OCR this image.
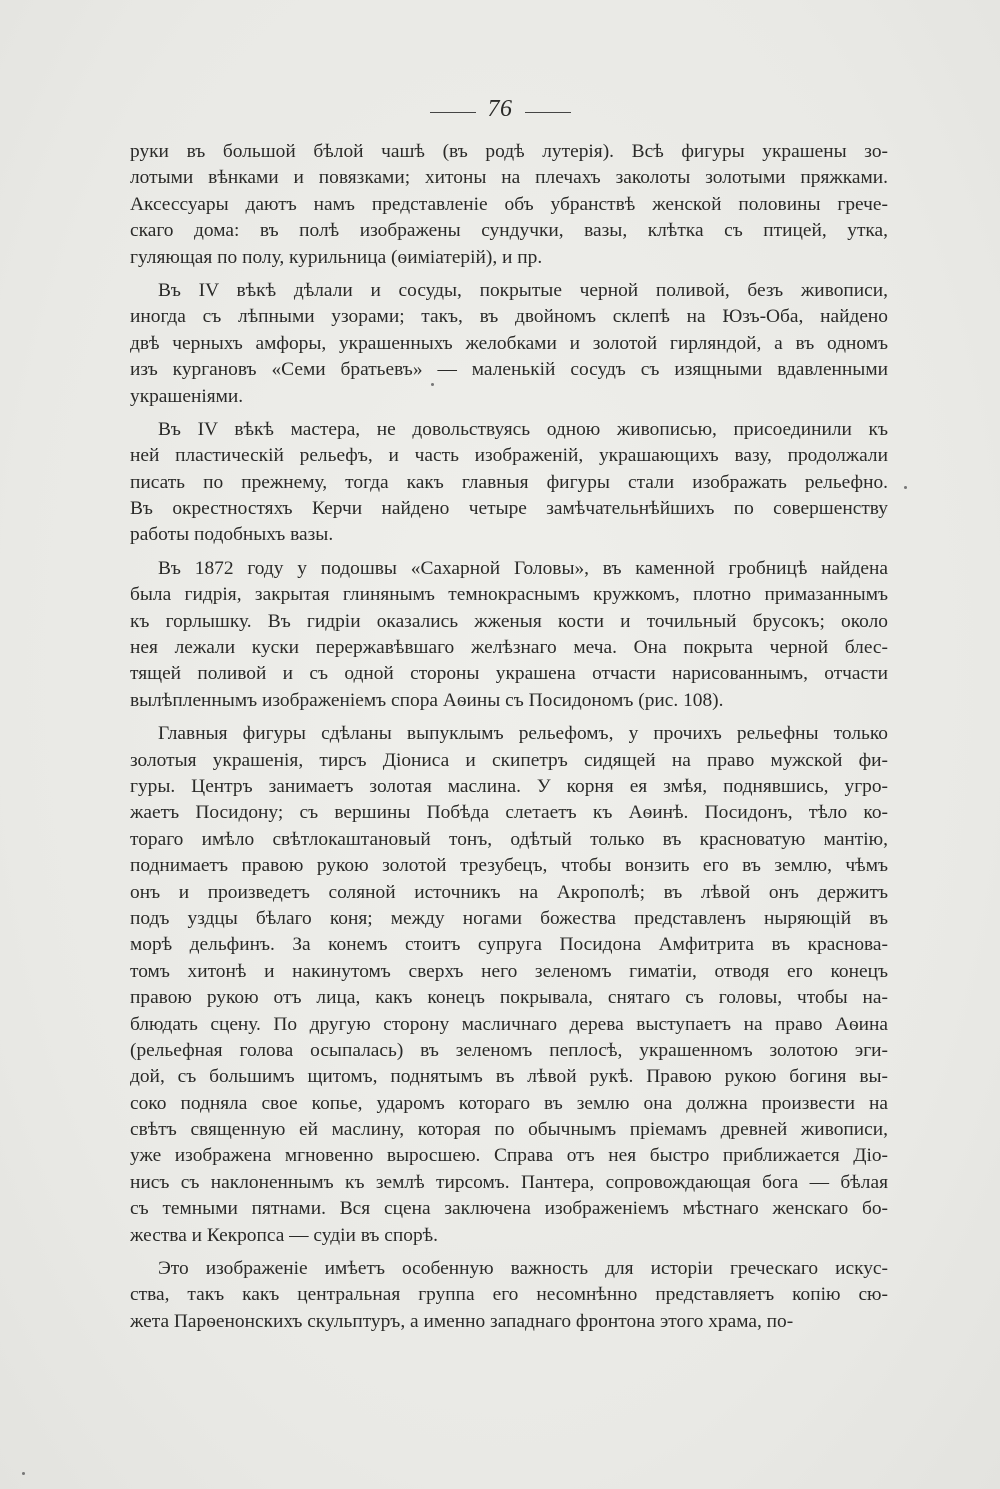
76
руки въ большой бѣлой чашѣ (въ родѣ лутерія). Всѣ фигуры украшены зо-
лотыми вѣнками и повязками; хитоны на плечахъ заколоты золотыми пряжками.
Аксессуары даютъ намъ представленіе объ убранствѣ женской половины грече-
скаго дома: въ полѣ изображены сундучки, вазы, клѣтка съ птицей, утка,
гуляющая по полу, курильница (ѳиміатерій), и пр.
Въ IV вѣкѣ дѣлали и сосуды, покрытые черной поливой, безъ живописи,
иногда съ лѣпными узорами; такъ, въ двойномъ склепѣ на Юзъ-Оба, найдено
двѣ черныхъ амфоры, украшенныхъ желобками и золотой гирляндой, а въ одномъ
изъ кургановъ «Семи братьевъ» — маленькій сосудъ съ изящными вдавленными
украшеніями.
Въ IV вѣкѣ мастера, не довольствуясь одною живописью, присоединили къ
ней пластическій рельефъ, и часть изображеній, украшающихъ вазу, продолжали
писать по прежнему, тогда какъ главныя фигуры стали изображать рельефно.
Въ окрестностяхъ Керчи найдено четыре замѣчательнѣйшихъ по совершенству
работы подобныхъ вазы.
Въ 1872 году у подошвы «Сахарной Головы», въ каменной гробницѣ найдена
была гидрія, закрытая глинянымъ темнокраснымъ кружкомъ, плотно примазаннымъ
къ горлышку. Въ гидріи оказались жженыя кости и точильный брусокъ; около
нея лежали куски перержавѣвшаго желѣзнаго меча. Она покрыта черной блес-
тящей поливой и съ одной стороны украшена отчасти нарисованнымъ, отчасти
вылѣпленнымъ изображеніемъ спора Аѳины съ Посидономъ (рис. 108).
Главныя фигуры сдѣланы выпуклымъ рельефомъ, у прочихъ рельефны только
золотыя украшенія, тирсъ Діониса и скипетръ сидящей на право мужской фи-
гуры. Центръ занимаетъ золотая маслина. У корня ея змѣя, поднявшись, угро-
жаетъ Посидону; съ вершины Побѣда слетаетъ къ Аѳинѣ. Посидонъ, тѣло ко-
тораго имѣло свѣтлокаштановый тонъ, одѣтый только въ красноватую мантію,
поднимаетъ правою рукою золотой трезубецъ, чтобы вонзить его въ землю, чѣмъ
онъ и произведетъ соляной источникъ на Акрополѣ; въ лѣвой онъ держитъ
подъ уздцы бѣлаго коня; между ногами божества представленъ ныряющій въ
морѣ дельфинъ. За конемъ стоитъ супруга Посидона Амфитрита въ краснова-
томъ хитонѣ и накинутомъ сверхъ него зеленомъ гиматіи, отводя его конецъ
правою рукою отъ лица, какъ конецъ покрывала, снятаго съ головы, чтобы на-
блюдать сцену. По другую сторону масличнаго дерева выступаетъ на право Аѳина
(рельефная голова осыпалась) въ зеленомъ пеплосѣ, украшенномъ золотою эги-
дой, съ большимъ щитомъ, поднятымъ въ лѣвой рукѣ. Правою рукою богиня вы-
соко подняла свое копье, ударомъ котораго въ землю она должна произвести на
свѣтъ священную ей маслину, которая по обычнымъ пріемамъ древней живописи,
уже изображена мгновенно выросшею. Справа отъ нея быстро приближается Діо-
нисъ съ наклоненнымъ къ землѣ тирсомъ. Пантера, сопровождающая бога — бѣлая
съ темными пятнами. Вся сцена заключена изображеніемъ мѣстнаго женскаго бо-
жества и Кекропса — судіи въ спорѣ.
Это изображеніе имѣетъ особенную важность для исторіи греческаго искус-
ства, такъ какъ центральная группа его несомнѣнно представляетъ копію сю-
жета Парѳенонскихъ скульптуръ, а именно западнаго фронтона этого храма, по-
